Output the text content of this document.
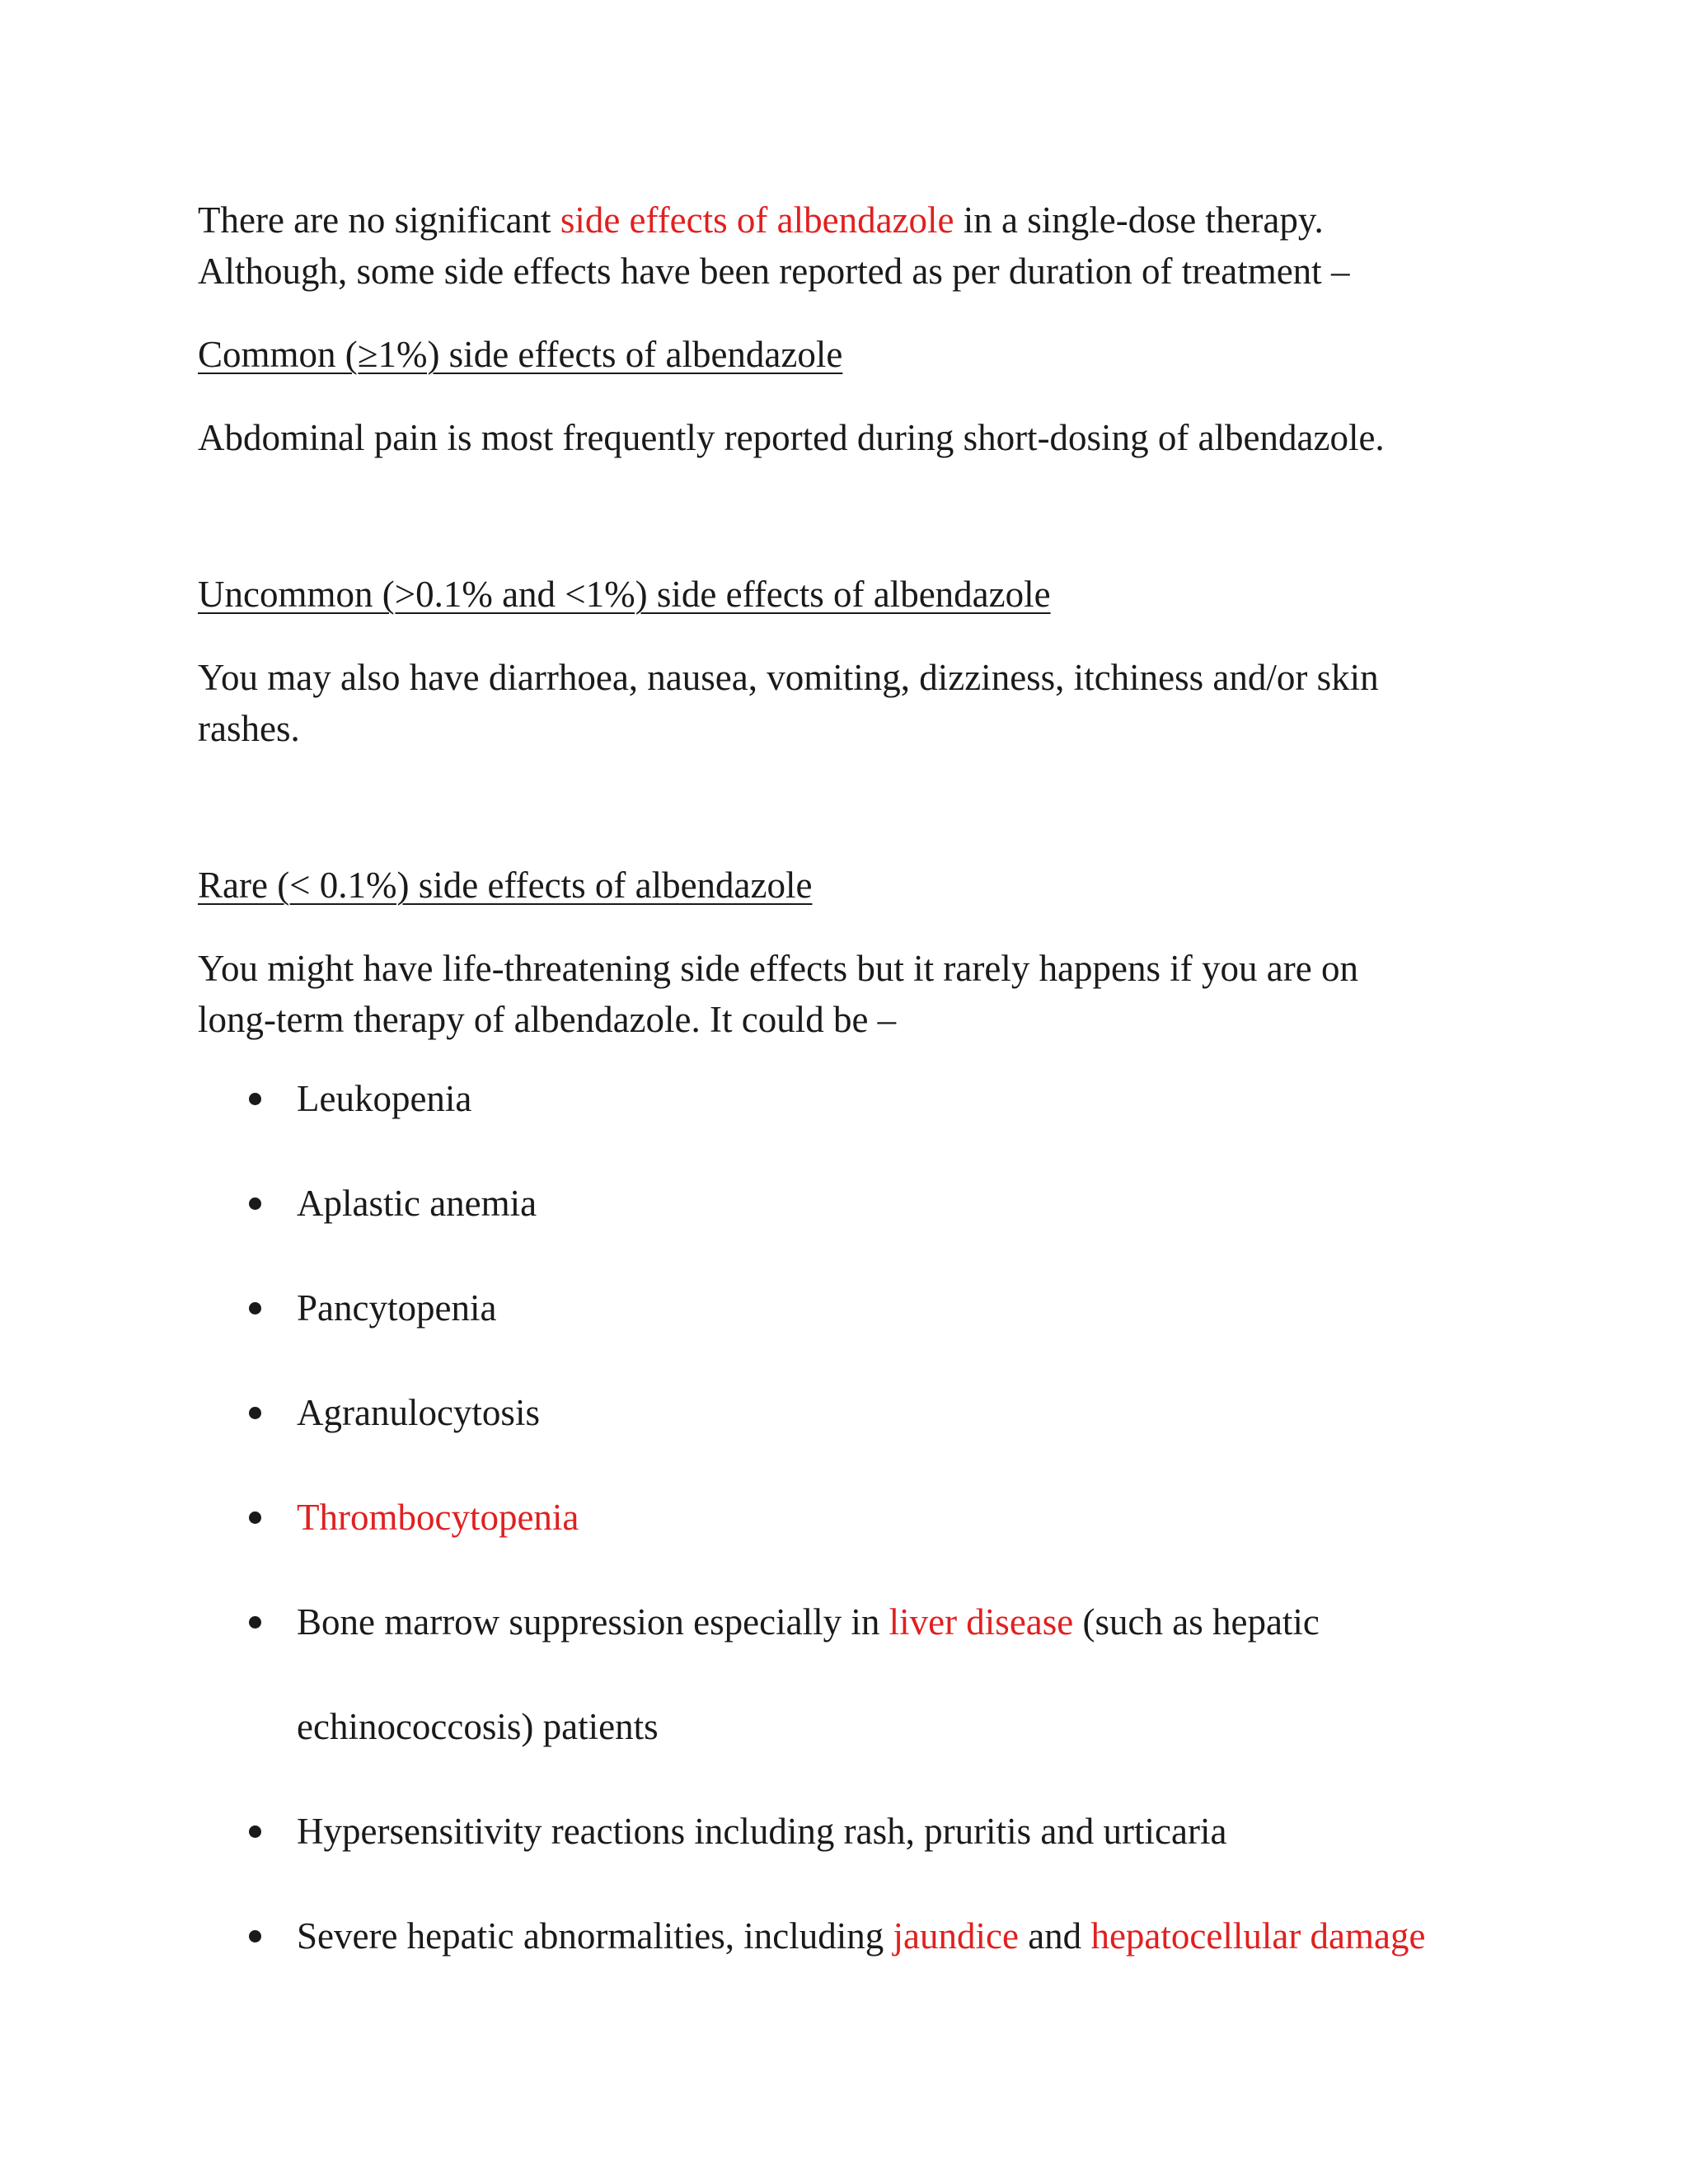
There are no significant side effects of albendazole in a single-dose therapy.

Although, some side effects have been reported as per duration of treatment –

Common (≥1%) side effects of albendazole

Abdominal pain is most frequently reported during short-dosing of albendazole.

Uncommon (>0.1% and <1%) side effects of albendazole

You may also have diarrhoea, nausea, vomiting, dizziness, itchiness and/or skin

rashes.

Rare (< 0.1%) side effects of albendazole

You might have life-threatening side effects but it rarely happens if you are on

long-term therapy of albendazole. It could be –

Leukopenia
Aplastic anemia
Pancytopenia
Agranulocytosis
Thrombocytopenia
Bone marrow suppression especially in liver disease (such as hepatic
echinococcosis) patients
Hypersensitivity reactions including rash, pruritis and urticaria
Severe hepatic abnormalities, including jaundice and hepatocellular damage
